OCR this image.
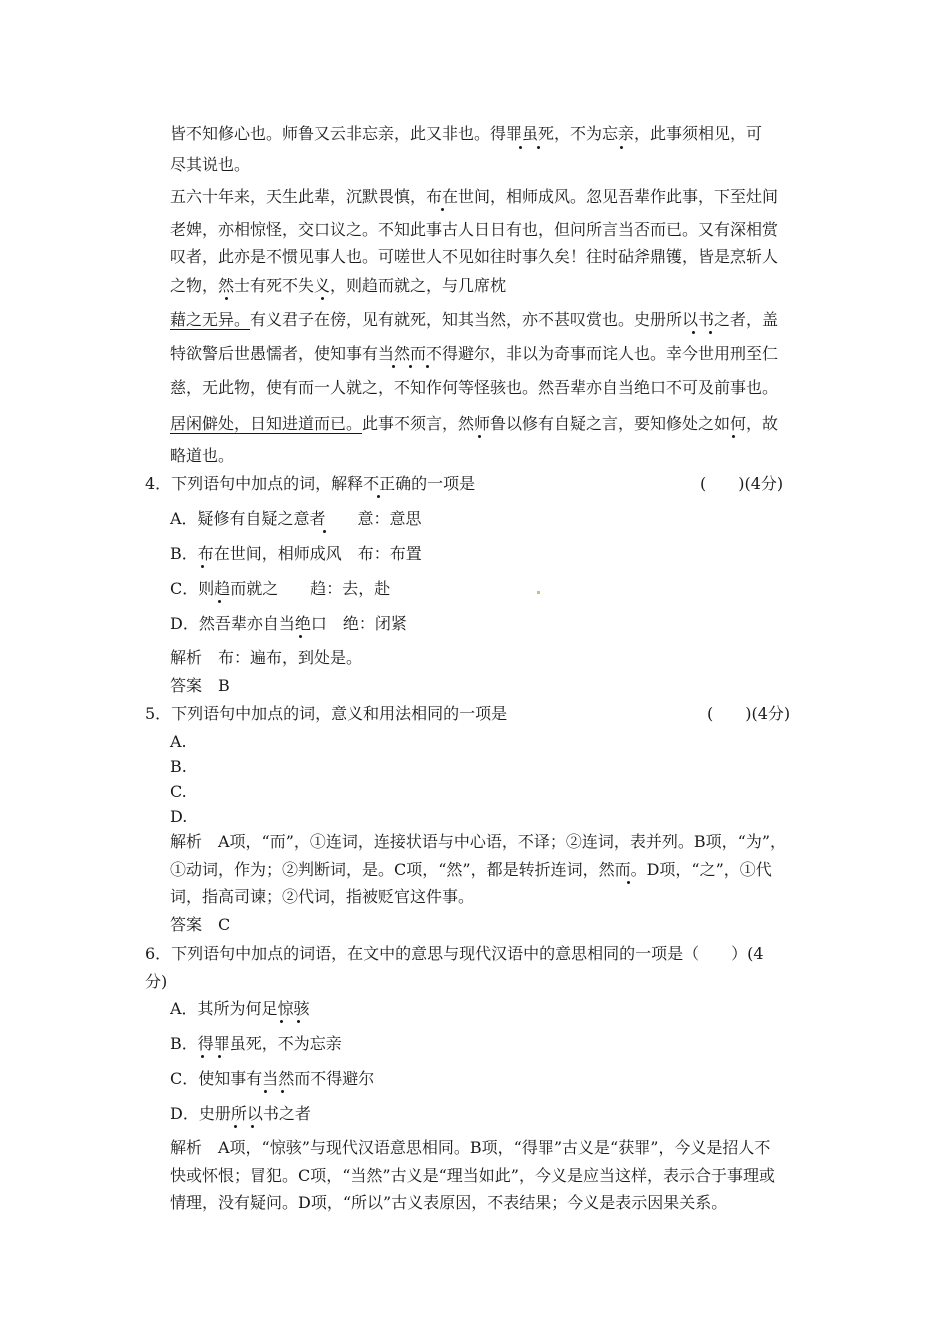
皆不知修心也。师鲁又云非忘亲，此又非也。得罪虽死，不为忘亲，此事须相见，可
尽其说也。
五六十年来，天生此辈，沉默畏慎，布在世间，相师成风。忽见吾辈作此事，下至灶间
老婢，亦相惊怪，交口议之。不知此事古人日日有也，但问所言当否而已。又有深相赏
叹者，此亦是不惯见事人也。可嗟世人不见如往时事久矣！往时砧斧鼎镬，皆是烹斩人
之物，然士有死不失义，则趋而就之，与几席枕
藉之无异。有义君子在傍，见有就死，知其当然，亦不甚叹赏也。史册所以书之者，盖
特欲警后世愚懦者，使知事有当然而不得避尔，非以为奇事而诧人也。幸今世用刑至仁
慈，无此物，使有而一人就之，不知作何等怪骇也。然吾辈亦自当绝口不可及前事也。
居闲僻处，日知进道而已。此事不须言，然师鲁以修有自疑之言，要知修处之如何，故
略道也。
4．下列语句中加点的词，解释不正确的一项是	(　　)(4分)
A．疑修有自疑之意者　　意：意思
B．布在世间，相师成风　布：布置
C．则趋而就之　　趋：去，赴
D．然吾辈亦自当绝口　绝：闭紧
解析　布：遍布，到处是。
答案　B
5．下列语句中加点的词，意义和用法相同的一项是	(　　)(4分)
A.
B.
C.
D.
解析　A项，“而”，①连词，连接状语与中心语，不译；②连词，表并列。B项，“为”，
①动词，作为；②判断词，是。C项，“然”，都是转折连词，然而。D项，“之”，①代
词，指高司谏；②代词，指被贬官这件事。
答案　C
6．下列语句中加点的词语，在文中的意思与现代汉语中的意思相同的一项是（　　）(4
分)
A．其所为何足惊骇
B．得罪虽死，不为忘亲
C．使知事有当然而不得避尔
D．史册所以书之者
解析　A项，“惊骇”与现代汉语意思相同。B项，“得罪”古义是“获罪”，今义是招人不
快或怀恨；冒犯。C项，“当然”古义是“理当如此”，今义是应当这样，表示合于事理或
情理，没有疑问。D项，“所以”古义表原因，不表结果；今义是表示因果关系。
